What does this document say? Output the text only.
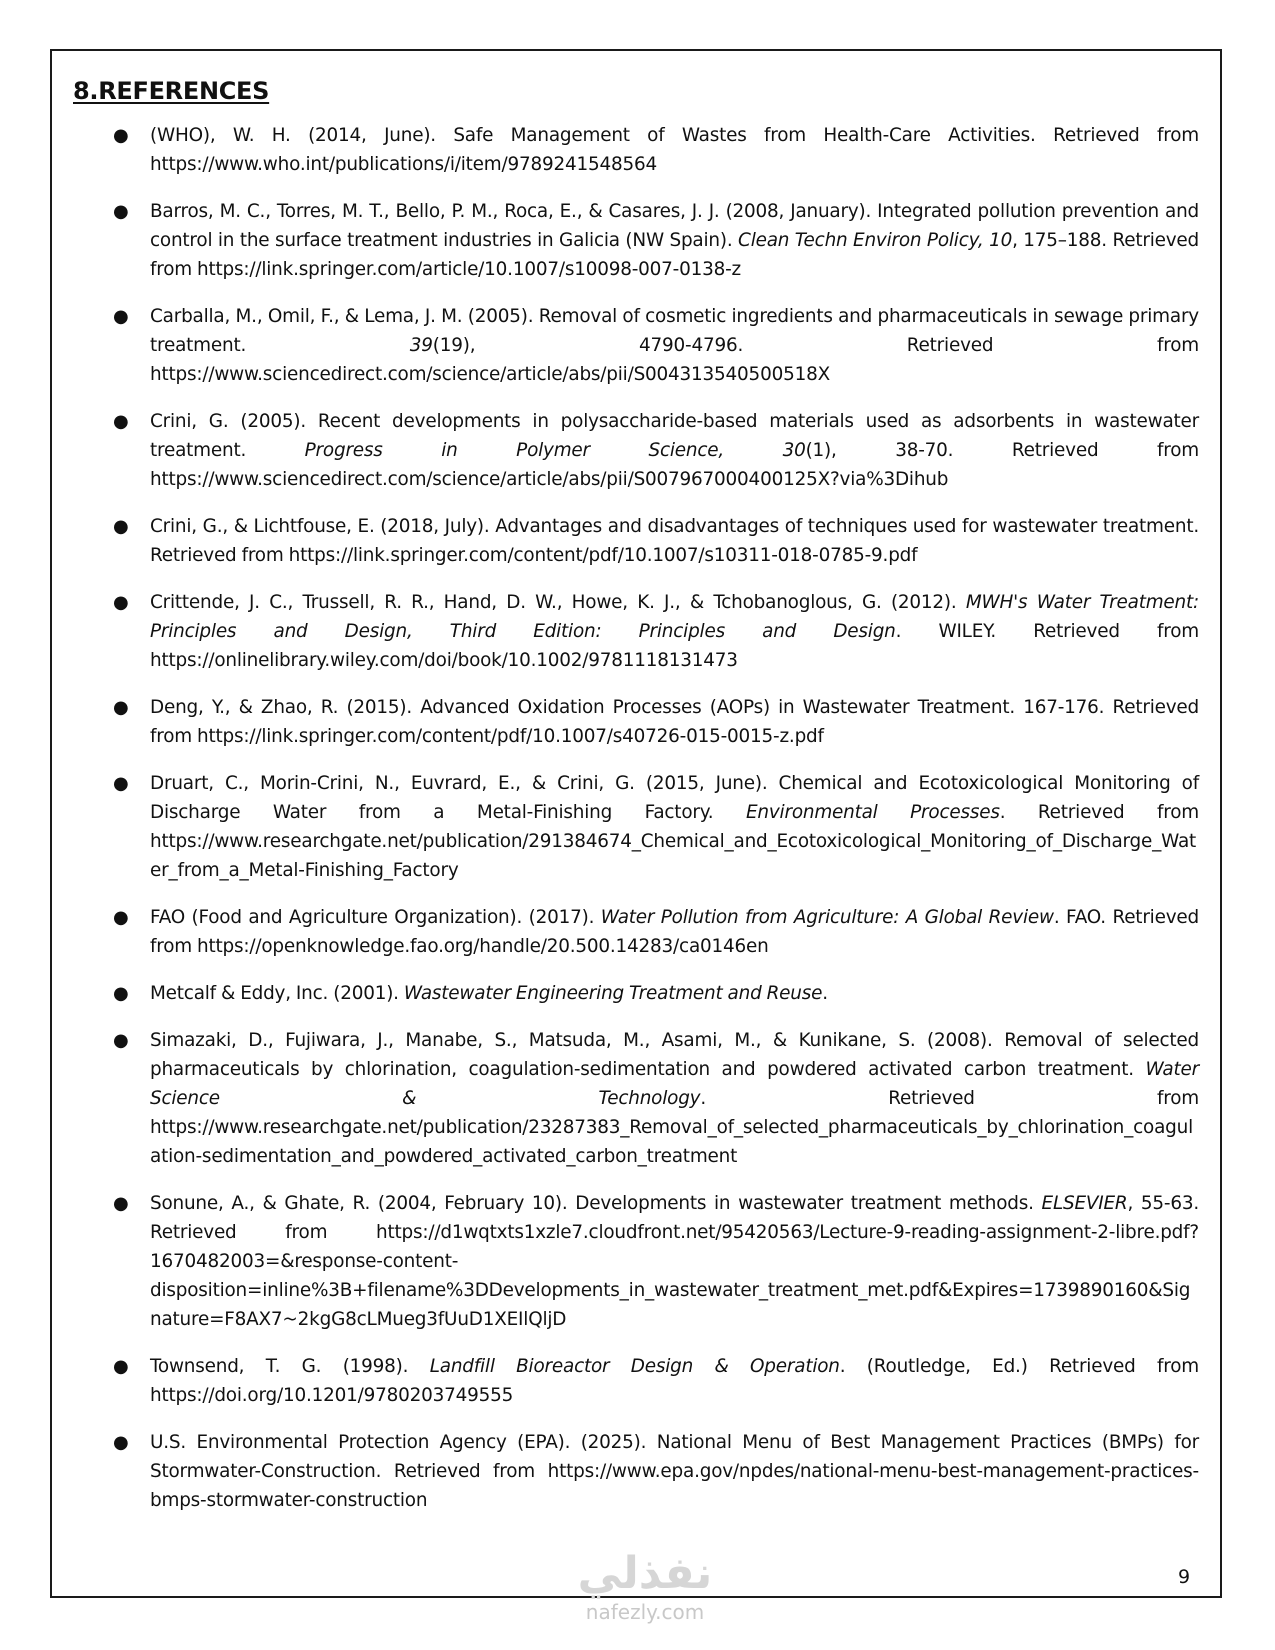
8.REFERENCES
● (WHO), W. H. (2014, June). Safe Management of Wastes from Health-Care Activities. Retrieved from https://www.who.int/publications/i/item/9789241548564
● Barros, M. C., Torres, M. T., Bello, P. M., Roca, E., & Casares, J. J. (2008, January). Integrated pollution prevention and control in the surface treatment industries in Galicia (NW Spain). Clean Techn Environ Policy, 10, 175–188. Retrieved from https://link.springer.com/article/10.1007/s10098-007-0138-z
● Carballa, M., Omil, F., & Lema, J. M. (2005). Removal of cosmetic ingredients and pharmaceuticals in sewage primary treatment. 39(19), 4790-4796. Retrieved from https://www.sciencedirect.com/science/article/abs/pii/S004313540500518X
● Crini, G. (2005). Recent developments in polysaccharide-based materials used as adsorbents in wastewater treatment. Progress in Polymer Science, 30(1), 38-70. Retrieved from https://www.sciencedirect.com/science/article/abs/pii/S007967000400125X?via%3Dihub
● Crini, G., & Lichtfouse, E. (2018, July). Advantages and disadvantages of techniques used for wastewater treatment. Retrieved from https://link.springer.com/content/pdf/10.1007/s10311-018-0785-9.pdf
● Crittende, J. C., Trussell, R. R., Hand, D. W., Howe, K. J., & Tchobanoglous, G. (2012). MWH's Water Treatment: Principles and Design, Third Edition: Principles and Design. WILEY. Retrieved from https://onlinelibrary.wiley.com/doi/book/10.1002/9781118131473
● Deng, Y., & Zhao, R. (2015). Advanced Oxidation Processes (AOPs) in Wastewater Treatment. 167-176. Retrieved from https://link.springer.com/content/pdf/10.1007/s40726-015-0015-z.pdf
● Druart, C., Morin-Crini, N., Euvrard, E., & Crini, G. (2015, June). Chemical and Ecotoxicological Monitoring of Discharge Water from a Metal-Finishing Factory. Environmental Processes. Retrieved from https://www.researchgate.net/publication/291384674_Chemical_and_Ecotoxicological_Monitoring_of_Discharge_Water_from_a_Metal-Finishing_Factory
● FAO (Food and Agriculture Organization). (2017). Water Pollution from Agriculture: A Global Review. FAO. Retrieved from https://openknowledge.fao.org/handle/20.500.14283/ca0146en
● Metcalf & Eddy, Inc. (2001). Wastewater Engineering Treatment and Reuse.
● Simazaki, D., Fujiwara, J., Manabe, S., Matsuda, M., Asami, M., & Kunikane, S. (2008). Removal of selected pharmaceuticals by chlorination, coagulation-sedimentation and powdered activated carbon treatment. Water Science & Technology. Retrieved from https://www.researchgate.net/publication/23287383_Removal_of_selected_pharmaceuticals_by_chlorination_coagulation-sedimentation_and_powdered_activated_carbon_treatment
● Sonune, A., & Ghate, R. (2004, February 10). Developments in wastewater treatment methods. ELSEVIER, 55-63. Retrieved from https://d1wqtxts1xzle7.cloudfront.net/95420563/Lecture-9-reading-assignment-2-libre.pdf?1670482003=&response-content-disposition=inline%3B+filename%3DDevelopments_in_wastewater_treatment_met.pdf&Expires=1739890160&Signature=F8AX7~2kgG8cLMueg3fUuD1XEIlQljD
● Townsend, T. G. (1998). Landfill Bioreactor Design & Operation. (Routledge, Ed.) Retrieved from https://doi.org/10.1201/9780203749555
● U.S. Environmental Protection Agency (EPA). (2025). National Menu of Best Management Practices (BMPs) for Stormwater-Construction. Retrieved from https://www.epa.gov/npdes/national-menu-best-management-practices-bmps-stormwater-construction
9
نفذلي
nafezly.com
